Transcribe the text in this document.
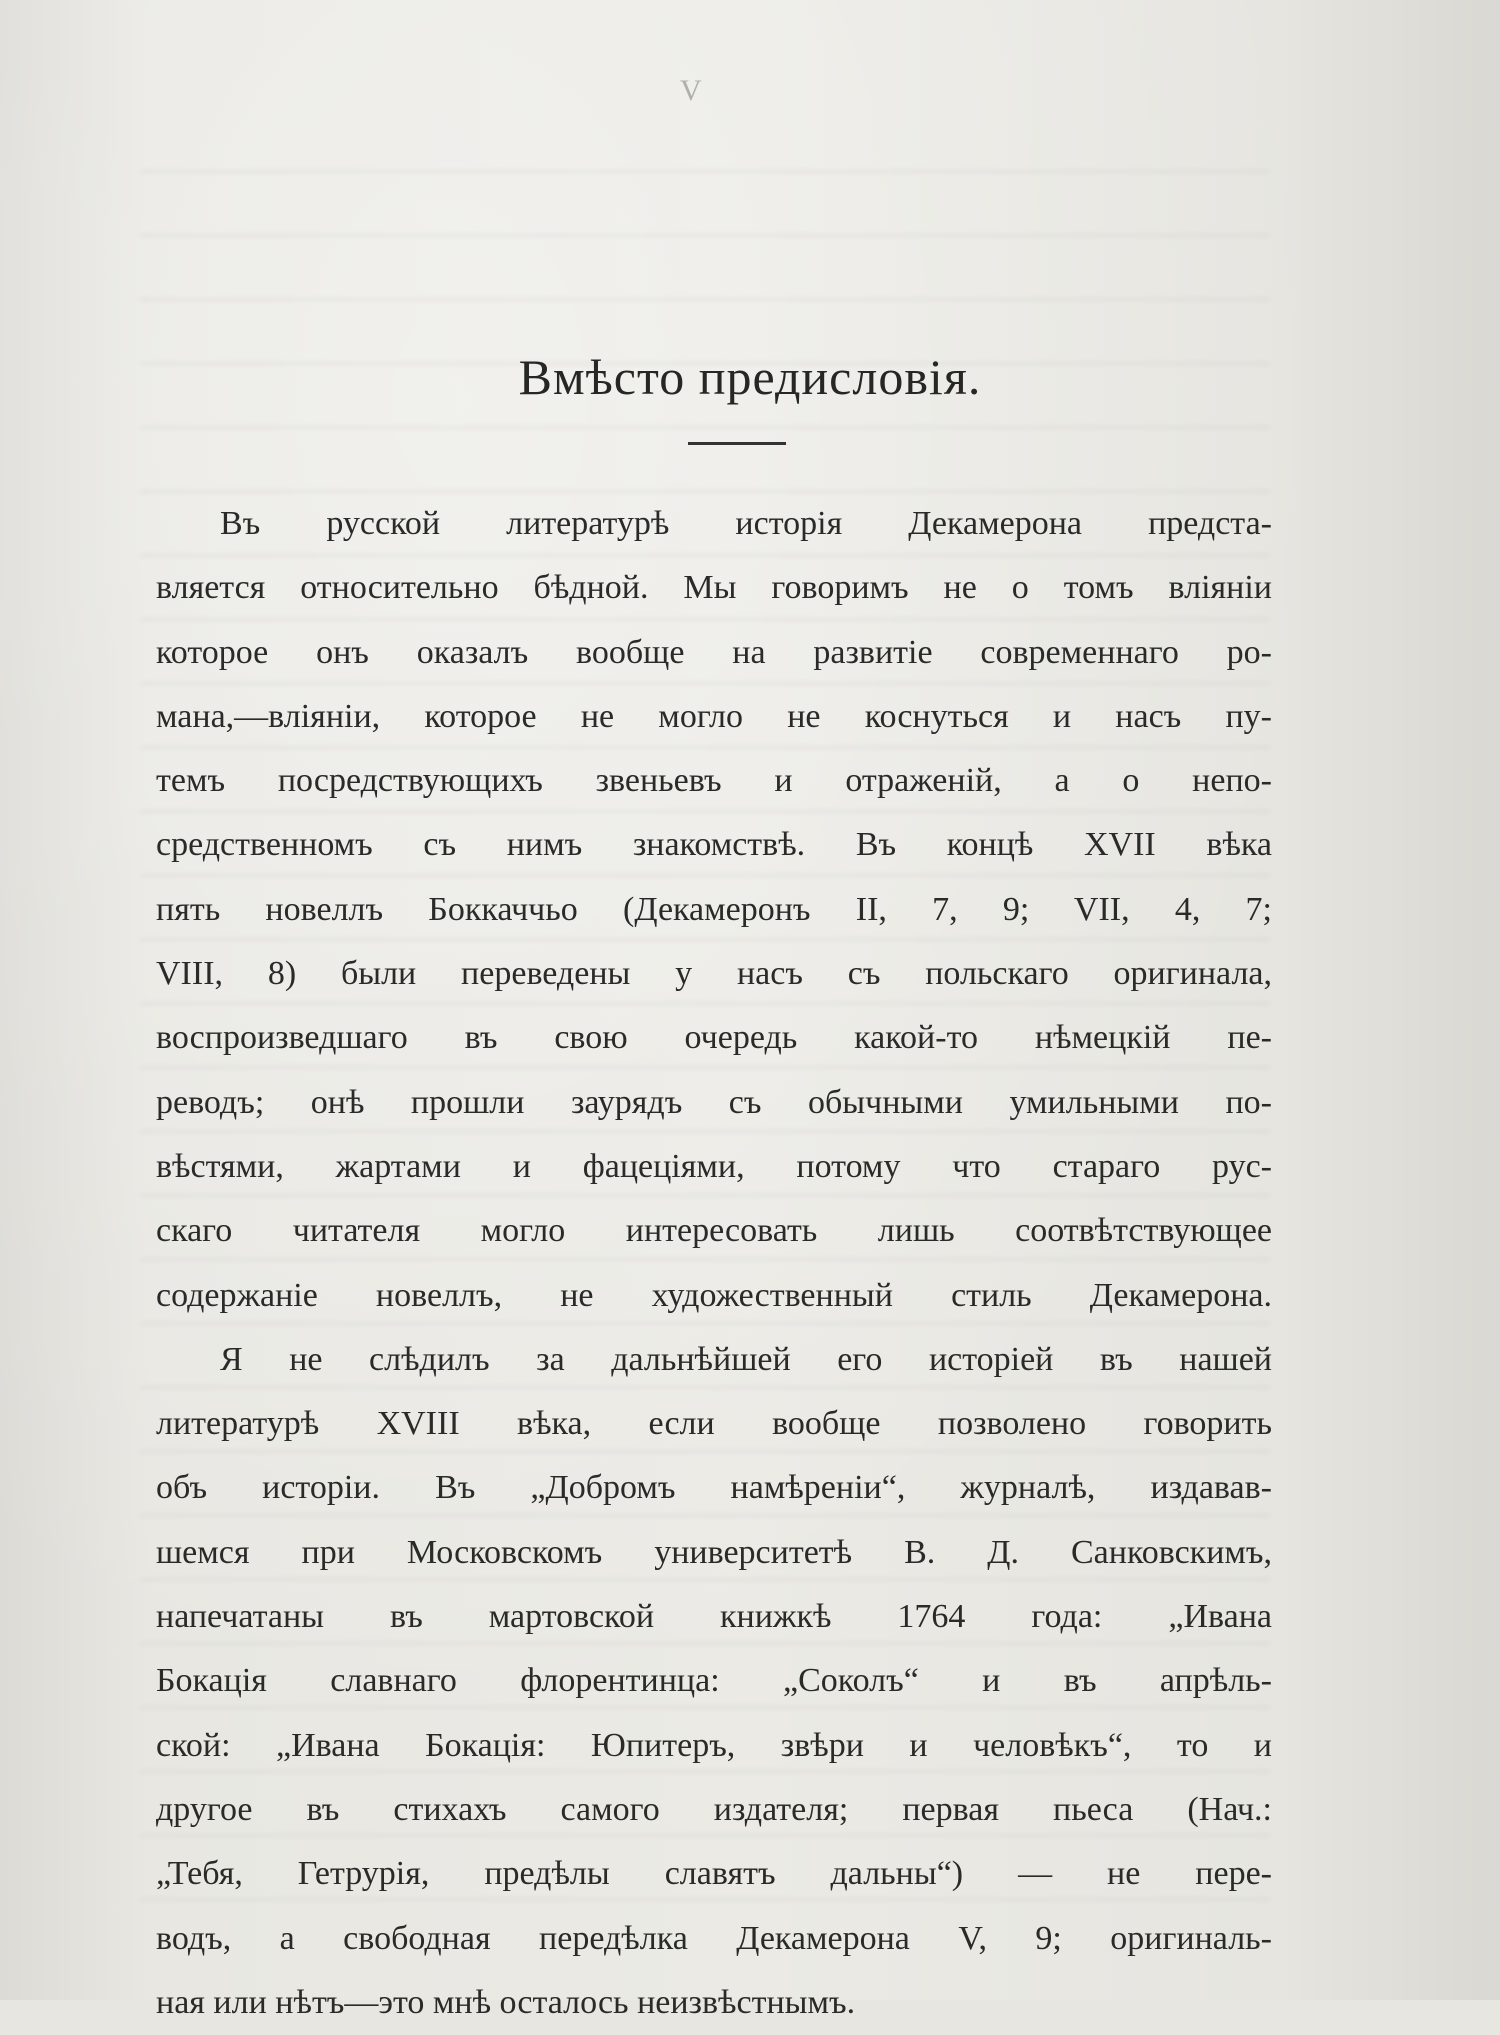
V
Вмѣсто предисловія.
Въ русской литературѣ исторія Декамерона предста-
вляется относительно бѣдной. Мы говоримъ не о томъ вліяніи
которое онъ оказалъ вообще на развитіе современнаго ро-
мана,—вліяніи, которое не могло не коснуться и насъ пу-
темъ посредствующихъ звеньевъ и отраженій, а о непо-
средственномъ съ нимъ знакомствѣ. Въ концѣ XVII вѣка
пять новеллъ Боккаччьо (Декамеронъ II, 7, 9; VII, 4, 7;
VIII, 8) были переведены у насъ съ польскаго оригинала,
воспроизведшаго въ свою очередь какой-то нѣмецкій пе-
реводъ; онѣ прошли заурядъ съ обычными умильными по-
вѣстями, жартами и фацеціями, потому что стараго рус-
скаго читателя могло интересовать лишь соотвѣтствующее
содержаніе новеллъ, не художественный стиль Декамерона.
Я не слѣдилъ за дальнѣйшей его исторіей въ нашей
литературѣ XVIII вѣка, если вообще позволено говорить
объ исторіи. Въ „Добромъ намѣреніи“, журналѣ, издавав-
шемся при Московскомъ университетѣ В. Д. Санковскимъ,
напечатаны въ мартовской книжкѣ 1764 года: „Ивана
Бокація славнаго флорентинца: „Соколъ“ и въ апрѣль-
ской: „Ивана Бокація: Юпитеръ, звѣри и человѣкъ“, то и
другое въ стихахъ самого издателя; первая пьеса (Нач.:
„Тебя, Гетрурія, предѣлы славятъ дальны“) — не пере-
водъ, а свободная передѣлка Декамерона V, 9; оригиналь-
ная или нѣтъ—это мнѣ осталось неизвѣстнымъ.
